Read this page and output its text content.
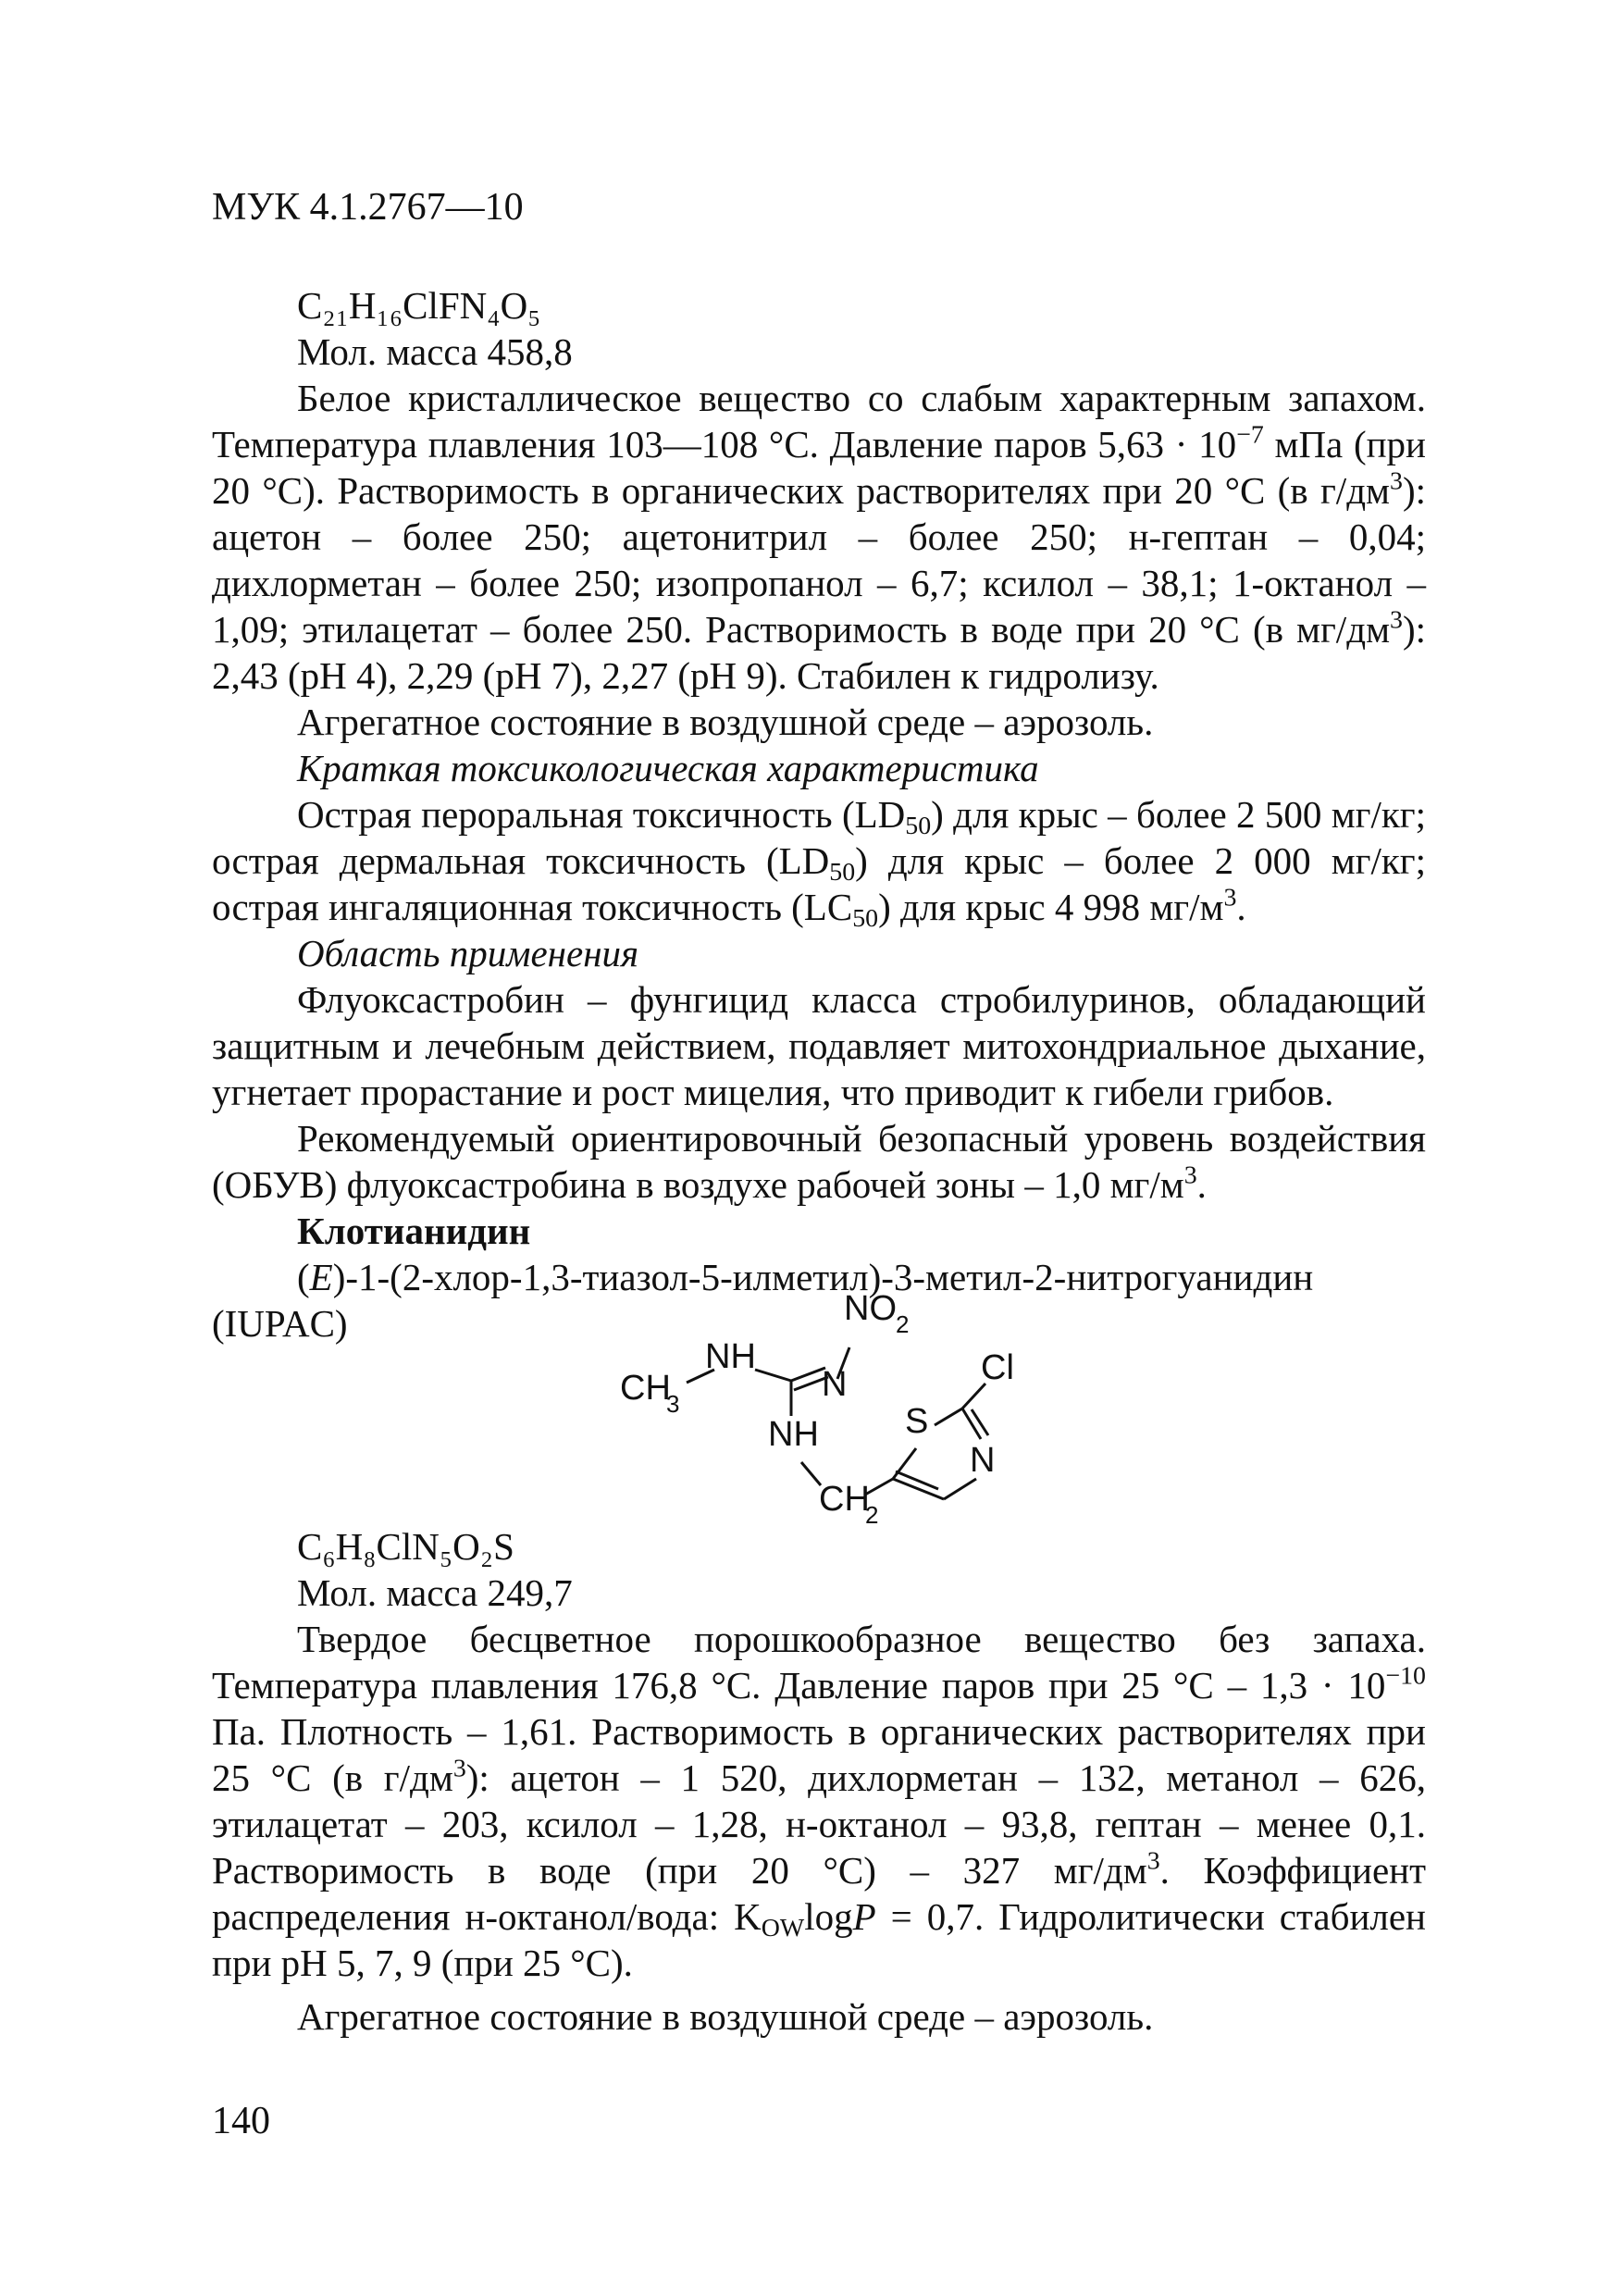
МУК 4.1.2767—10

C₂₁H₁₆ClFN₄O₅

Мол. масса 458,8

Белое кристаллическое вещество со слабым характерным запахом. Температура плавления 103—108 °С. Давление паров $5,63 \cdot 10^{-7}$ мПа (при 20 °С). Растворимость в органических растворителях при 20 °С (в $г/дм^3$): ацетон – более 250; ацетонитрил – более 250; н-гептан – 0,04; дихлорметан – более 250; изопропанол – 6,7; ксилол – 38,1; 1-октанол – 1,09; этилацетат – более 250. Растворимость в воде при 20 °С (в $мг/дм^3$): 2,43 (рН 4), 2,29 (рН 7), 2,27 (рН 9). Стабилен к гидролизу.

Агрегатное состояние в воздушной среде – аэрозоль.

Краткая токсикологическая характеристика

Острая пероральная токсичность $(LD_{50})$ для крыс – более 2 500 мг/кг; острая дермальная токсичность $(LD_{50})$ для крыс – более 2 000 мг/кг; острая ингаляционная токсичность $(LC_{50})$ для крыс 4 998 $мг/м^3$.

Область применения

Флуоксастробин – фунгицид класса стробилуринов, обладающий защитным и лечебным действием, подавляет митохондриальное дыхание, угнетает прорастание и рост мицелия, что приводит к гибели грибов.

Рекомендуемый ориентировочный безопасный уровень воздействия (ОБУВ) флуоксастробина в воздухе рабочей зоны – 1,0 $мг/м^3$.

Клотианидин

(E)-1-(2-хлор-1,3-тиазол-5-илметил)-3-метил-2-нитрогуанидин (IUPAC)	NO 2
N
NH
CH
3
NH
CH
2
S
Cl
N

C₆H₈ClN₅O₂S

Мол. масса 249,7

Твердое бесцветное порошкообразное вещество без запаха. Температура плавления 176,8 °С. Давление паров при 25 $^\circ С - 1,3 \cdot 10^{-10}$ Па. Плотность – 1,61. Растворимость в органических растворителях при 25 °С (в $г/дм^3$): ацетон – 1 520, дихлорметан – 132, метанол – 626, этилацетат – 203, ксилол – 1,28, н-октанол – 93,8, гептан – менее 0,1. Растворимость в воде (при 20 °С) – 327 $мг/дм^3$. Коэффициент распределения н-октанол/вода: $K_{OW}\log P = 0,7$. Гидролитически стабилен при рН 5, 7, 9 (при 25 °С).

Агрегатное состояние в воздушной среде – аэрозоль.

140
